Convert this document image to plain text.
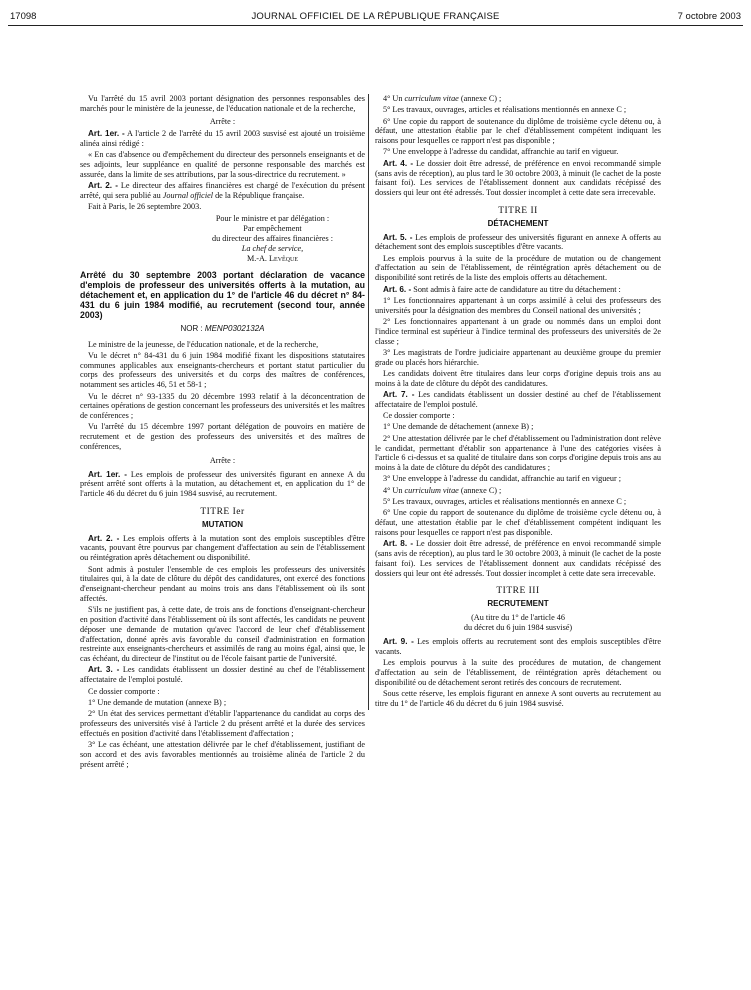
17098	JOURNAL OFFICIEL DE LA RÉPUBLIQUE FRANÇAISE	7 octobre 2003

Vu l'arrêté du 15 avril 2003 portant désignation des personnes responsables des marchés pour le ministère de la jeunesse, de l'éducation nationale et de la recherche,

Arrête :

Art. 1er. - A l'article 2 de l'arrêté du 15 avril 2003 susvisé est ajouté un troisième alinéa ainsi rédigé :

« En cas d'absence ou d'empêchement du directeur des personnels enseignants et de ses adjoints, leur suppléance en qualité de personne responsable des marchés est assurée, dans la limite de ses attributions, par la sous-directrice du recrutement. »

Art. 2. - Le directeur des affaires financières est chargé de l'exécution du présent arrêté, qui sera publié au Journal officiel de la République française.

Fait à Paris, le 26 septembre 2003.

Pour le ministre et par délégation :

Par empêchement

du directeur des affaires financières :

La chef de service,

M.-A. Levêque

Arrêté du 30 septembre 2003 portant déclaration de vacance d'emplois de professeur des universités offerts à la mutation, au détachement et, en application du 1° de l'article 46 du décret n° 84-431 du 6 juin 1984 modifié, au recrutement (second tour, année 2003)
NOR : MENP0302132A

Le ministre de la jeunesse, de l'éducation nationale, et de la recherche,

Vu le décret n° 84-431 du 6 juin 1984 modifié fixant les dispositions statutaires communes applicables aux enseignants-chercheurs et portant statut particulier du corps des professeurs des universités et du corps des maîtres de conférences, notamment ses articles 46, 51 et 58-1 ;

Vu le décret n° 93-1335 du 20 décembre 1993 relatif à la déconcentration de certaines opérations de gestion concernant les professeurs des universités et les maîtres de conférences ;

Vu l'arrêté du 15 décembre 1997 portant délégation de pouvoirs en matière de recrutement et de gestion des professeurs des universités et des maîtres de conférences,

Arrête :

Art. 1er. - Les emplois de professeur des universités figurant en annexe A du présent arrêté sont offerts à la mutation, au détachement et, en application du 1° de l'article 46 du décret du 6 juin 1984 susvisé, au recrutement.

TITRE Ier
MUTATION

Art. 2. - Les emplois offerts à la mutation sont des emplois susceptibles d'être vacants, pouvant être pourvus par changement d'affectation au sein de l'établissement ou réintégration après détachement ou disponibilité.

Sont admis à postuler l'ensemble de ces emplois les professeurs des universités titulaires qui, à la date de clôture du dépôt des candidatures, ont exercé des fonctions d'enseignant-chercheur pendant au moins trois ans dans l'établissement où ils sont affectés.

S'ils ne justifient pas, à cette date, de trois ans de fonctions d'enseignant-chercheur en position d'activité dans l'établissement où ils sont affectés, les candidats ne peuvent déposer une demande de mutation qu'avec l'accord de leur chef d'établissement d'affectation, donné après avis favorable du conseil d'administration en formation restreinte aux enseignants-chercheurs et assimilés de rang au moins égal, ainsi que, le cas échéant, du directeur de l'institut ou de l'école faisant partie de l'université.

Art. 3. - Les candidats établissent un dossier destiné au chef de l'établissement affectataire de l'emploi postulé.

Ce dossier comporte :

1° Une demande de mutation (annexe B) ;

2° Un état des services permettant d'établir l'appartenance du candidat au corps des professeurs des universités visé à l'article 2 du présent arrêté et la durée des services effectués en position d'activité dans l'établissement d'affectation ;

3° Le cas échéant, une attestation délivrée par le chef d'établissement, justifiant de son accord et des avis favorables mentionnés au troisième alinéa de l'article 2 du présent arrêté ;

4° Un curriculum vitae (annexe C) ;

5° Les travaux, ouvrages, articles et réalisations mentionnés en annexe C ;

6° Une copie du rapport de soutenance du diplôme de troisième cycle détenu ou, à défaut, une attestation établie par le chef d'établissement compétent indiquant les raisons pour lesquelles ce rapport n'est pas disponible ;

7° Une enveloppe à l'adresse du candidat, affranchie au tarif en vigueur.

Art. 4. - Le dossier doit être adressé, de préférence en envoi recommandé simple (sans avis de réception), au plus tard le 30 octobre 2003, à minuit (le cachet de la poste faisant foi). Les services de l'établissement donnent aux candidats récépissé des dossiers qui leur ont été adressés. Tout dossier incomplet à cette date sera irrecevable.

TITRE II
DÉTACHEMENT

Art. 5. - Les emplois de professeur des universités figurant en annexe A offerts au détachement sont des emplois susceptibles d'être vacants.

Les emplois pourvus à la suite de la procédure de mutation ou de changement d'affectation au sein de l'établissement, de réintégration après détachement ou de disponibilité sont retirés de la liste des emplois offerts au détachement.

Art. 6. - Sont admis à faire acte de candidature au titre du détachement :

1° Les fonctionnaires appartenant à un corps assimilé à celui des professeurs des universités pour la désignation des membres du Conseil national des universités ;

2° Les fonctionnaires appartenant à un grade ou nommés dans un emploi dont l'indice terminal est supérieur à l'indice terminal des professeurs des universités de 2e classe ;

3° Les magistrats de l'ordre judiciaire appartenant au deuxième groupe du premier grade ou placés hors hiérarchie.

Les candidats doivent être titulaires dans leur corps d'origine depuis trois ans au moins à la date de clôture du dépôt des candidatures.

Art. 7. - Les candidats établissent un dossier destiné au chef de l'établissement affectataire de l'emploi postulé.

Ce dossier comporte :

1° Une demande de détachement (annexe B) ;

2° Une attestation délivrée par le chef d'établissement ou l'administration dont relève le candidat, permettant d'établir son appartenance à l'une des catégories visées à l'article 6 ci-dessus et sa qualité de titulaire dans son corps d'origine depuis trois ans au moins à la date de clôture du dépôt des candidatures ;

3° Une enveloppe à l'adresse du candidat, affranchie au tarif en vigueur ;

4° Un curriculum vitae (annexe C) ;

5° Les travaux, ouvrages, articles et réalisations mentionnés en annexe C ;

6° Une copie du rapport de soutenance du diplôme de troisième cycle détenu ou, à défaut, une attestation établie par le chef d'établissement compétent indiquant les raisons pour lesquelles ce rapport n'est pas disponible.

Art. 8. - Le dossier doit être adressé, de préférence en envoi recommandé simple (sans avis de réception), au plus tard le 30 octobre 2003, à minuit (le cachet de la poste faisant foi). Les services de l'établissement donnent aux candidats récépissé des dossiers qui leur ont été adressés. Tout dossier incomplet à cette date sera irrecevable.

TITRE III
RECRUTEMENT

(Au titre du 1° de l'article 46

du décret du 6 juin 1984 susvisé)

Art. 9. - Les emplois offerts au recrutement sont des emplois susceptibles d'être vacants.

Les emplois pourvus à la suite des procédures de mutation, de changement d'affectation au sein de l'établissement, de réintégration après détachement ou disponibilité ou de détachement seront retirés des concours de recrutement.

Sous cette réserve, les emplois figurant en annexe A sont ouverts au recrutement au titre du 1° de l'article 46 du décret du 6 juin 1984 susvisé.
